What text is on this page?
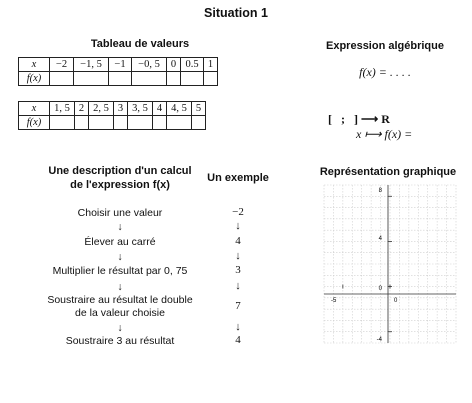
Situation 1
Tableau de valeurs
x	−2	−1, 5	−1	−0, 5	0	0.5	1
f(x)							
x	1, 5	2	2, 5	3	3, 5	4	4, 5	5
f(x)								
Expression algébrique
f(x) = . . . .
[   ;   ] ⟶ R
x ⟼ f(x) =
Une description d'un calcul
de l'expression f(x)
Un exemple
Choisir une valeur
↓
Élever au carré
↓
Multiplier le résultat par 0, 75
↓
Soustraire au résultat le double
de la valeur choisie
↓
Soustraire 3 au résultat
−2
↓
4
↓
3
↓
7
↓
4
Représentation graphique
8
4
0
-4
-5	0
